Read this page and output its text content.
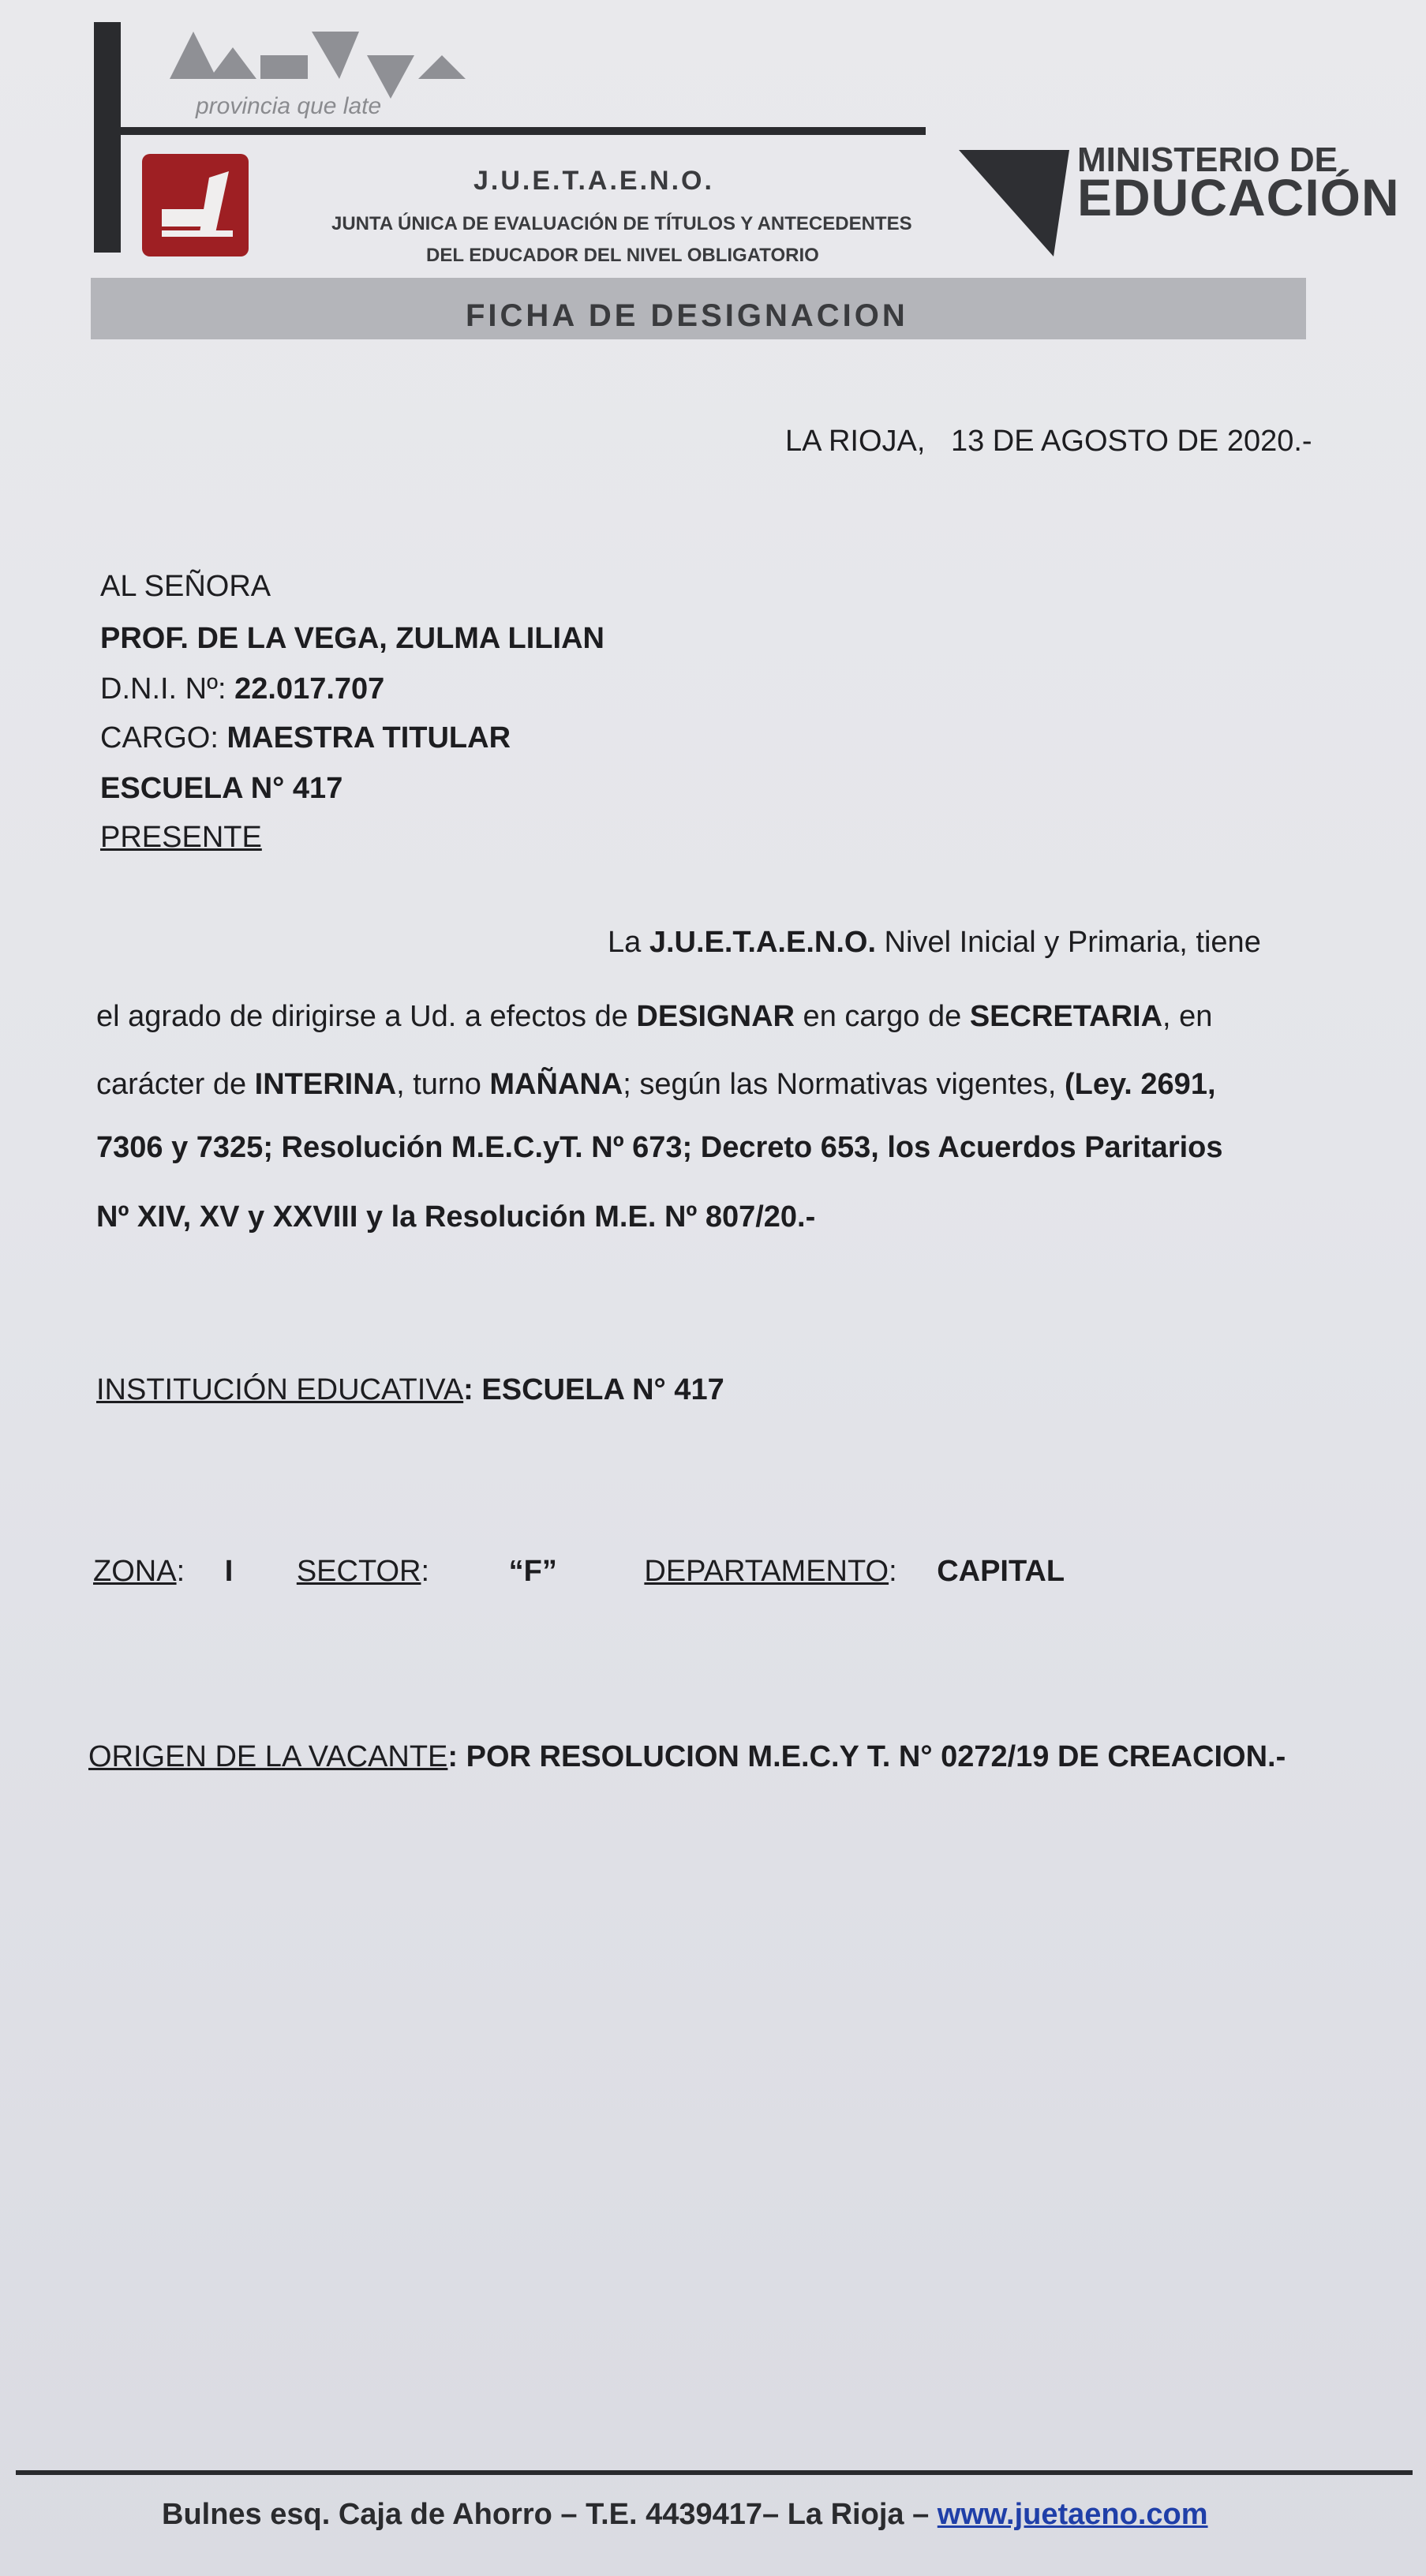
provincia que late
J.U.E.T.A.E.N.O.
JUNTA ÚNICA DE EVALUACIÓN DE TÍTULOS Y ANTECEDENTES
DEL EDUCADOR DEL NIVEL OBLIGATORIO
MINISTERIO DE
EDUCACIÓN
FICHA DE DESIGNACION
LA RIOJA, 13 DE AGOSTO DE 2020.-
AL SEÑORA
PROF. DE LA VEGA, ZULMA LILIAN
D.N.I. Nº: 22.017.707
CARGO: MAESTRA TITULAR
ESCUELA N° 417
PRESENTE
La J.U.E.T.A.E.N.O. Nivel Inicial y Primaria, tiene
el agrado de dirigirse a Ud. a efectos de DESIGNAR en cargo de SECRETARIA, en
carácter de INTERINA, turno MAÑANA; según las Normativas vigentes, (Ley. 2691,
7306 y 7325; Resolución M.E.C.yT. Nº 673; Decreto 653, los Acuerdos Paritarios
Nº XIV, XV y XXVIII y la Resolución M.E. Nº 807/20.-
INSTITUCIÓN EDUCATIVA: ESCUELA N° 417
ZONA: I SECTOR:	“F”	DEPARTAMENTO: CAPITAL
ORIGEN DE LA VACANTE: POR RESOLUCION M.E.C.Y T. N° 0272/19 DE CREACION.-
Bulnes esq. Caja de Ahorro – T.E. 4439417– La Rioja – www.juetaeno.com
